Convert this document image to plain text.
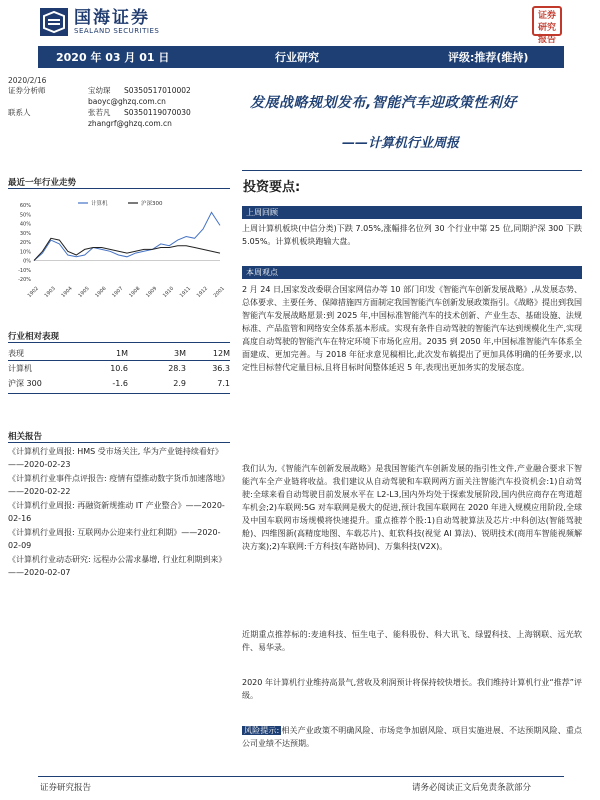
国海证券
SEALAND SECURITIES
证券研究报告
2020 年 03 月 01 日	行业研究	评级:推荐(维持)
2020/2/16
证券分析师	宝幼琛	S0350517010002
baoyc@ghzq.com.cn
联系人	张若凡	S0350119070030
zhangrf@ghzq.com.cn
最近一年行业走势
60%
50%
40%
30%
20%
10%
0%
-10%
-20%
1902 1903 1904 1905 1906 1907 1908 1909 1910 1911 1912 2001
计算机	沪深300
行业相对表现
表现	1M	3M	12M
计算机	10.6	28.3	36.3
沪深 300	-1.6	2.9	7.1
相关报告
《计算机行业周报: HMS 受市场关注, 华为产业链持续看好》——2020-02-23
《计算机行业事件点评报告: 疫情有望推动数字货币加速落地》——2020-02-22
《计算机行业周报: 再融资新规推动 IT 产业整合》——2020-02-16
《计算机行业周报: 互联网办公迎来行业红利期》——2020-02-09
《计算机行业动态研究: 远程办公需求暴增, 行业红利期到来》——2020-02-07
发展战略规划发布,智能汽车迎政策性利好
——计算机行业周报
投资要点:
上周回顾
上周计算机板块(中信分类)下跌 7.05%,涨幅排名位列 30 个行业中第 25 位,同期沪深 300 下跌 5.05%。计算机板块跑输大盘。
本周观点
2 月 24 日,国家发改委联合国家网信办等 10 部门印发《智能汽车创新发展战略》,从发展态势、总体要求、主要任务、保障措施四方面制定我国智能汽车创新发展政策指引。《战略》提出到我国智能汽车发展战略愿景:到 2025 年,中国标准智能汽车的技术创新、产业生态、基础设施、法规标准、产品监管和网络安全体系基本形成。实现有条件自动驾驶的智能汽车达到规模化生产,实现高度自动驾驶的智能汽车在特定环境下市场化应用。2035 到 2050 年,中国标准智能汽车体系全面建成、更加完善。与 2018 年征求意见稿相比,此次发布稿提出了更加具体明确的任务要求,以定性目标替代定量目标,且将目标时间整体延迟 5 年,表现出更加务实的发展态度。
我们认为,《智能汽车创新发展战略》是我国智能汽车创新发展的指引性文件,产业融合要求下智能汽车全产业链将收益。我们建议从自动驾驶和车联网两方面关注智能汽车投资机会:1)自动驾驶:全球来看自动驾驶目前发展水平在 L2-L3,国内外均处于探索发展阶段,国内供应商存在弯道超车机会;2)车联网:5G 对车联网是极大的促进,预计我国车联网在 2020 年进入规模应用阶段,全球及中国车联网市场规模将快速提升。重点推荐个股:1)自动驾驶算法及芯片:中科创达(智能驾驶舱)、四维图新(高精度地图、车载芯片)、虹软科技(视觉 AI 算法)、锐明技术(商用车智能视频解决方案);2)车联网:千方科技(车路协同)、万集科技(V2X)。
近期重点推荐标的:麦迪科技、恒生电子、能科股份、科大讯飞、绿盟科技、上海钢联、远光软件、易华录。
2020 年计算机行业维持高景气,营收及利润预计将保持较快增长。我们维持计算机行业“推荐”评级。
风险提示: 相关产业政策不明确风险、市场竞争加剧风险、项目实施进展、不达预期风险、重点公司业绩不达预期。
证券研究报告	请务必阅读正文后免责条款部分
